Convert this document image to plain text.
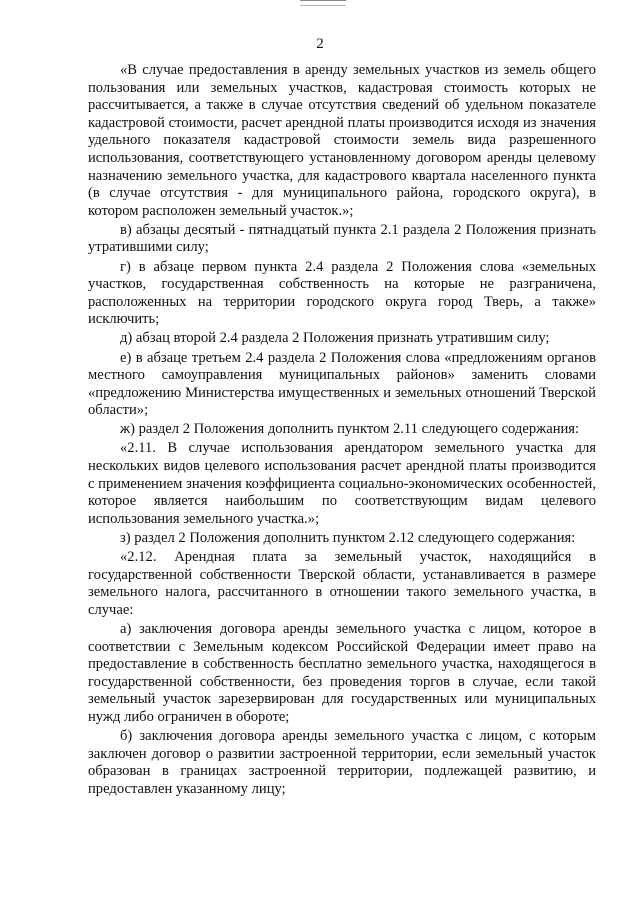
2

«В случае предоставления в аренду земельных участков из земель общего пользования или земельных участков, кадастровая стоимость которых не рассчитывается, а также в случае отсутствия сведений об удельном показателе кадастровой стоимости, расчет арендной платы производится исходя из значения удельного показателя кадастровой стоимости земель вида разрешенного использования, соответствующего установленному договором аренды целевому назначению земельного участка, для кадастрового квартала населенного пункта (в случае отсутствия - для муниципального района, городского округа), в котором расположен земельный участок.»;

в) абзацы десятый - пятнадцатый пункта 2.1 раздела 2 Положения признать утратившими силу;

г) в абзаце первом пункта 2.4 раздела 2 Положения слова «земельных участков, государственная собственность на которые не разграничена, расположенных на территории городского округа город Тверь, а также» исключить;

д) абзац второй 2.4 раздела 2 Положения признать утратившим силу;

е) в абзаце третьем 2.4 раздела 2 Положения слова «предложениям органов местного самоуправления муниципальных районов» заменить словами «предложению Министерства имущественных и земельных отношений Тверской области»;

ж) раздел 2 Положения дополнить пунктом 2.11 следующего содержания:

«2.11. В случае использования арендатором земельного участка для нескольких видов целевого использования расчет арендной платы производится с применением значения коэффициента социально-экономических особенностей, которое является наибольшим по соответствующим видам целевого использования земельного участка.»;

з) раздел 2 Положения дополнить пунктом 2.12 следующего содержания:

«2.12. Арендная плата за земельный участок, находящийся в государственной собственности Тверской области, устанавливается в размере земельного налога, рассчитанного в отношении такого земельного участка, в случае:

а) заключения договора аренды земельного участка с лицом, которое в соответствии с Земельным кодексом Российской Федерации имеет право на предоставление в собственность бесплатно земельного участка, находящегося в государственной собственности, без проведения торгов в случае, если такой земельный участок зарезервирован для государственных или муниципальных нужд либо ограничен в обороте;

б) заключения договора аренды земельного участка с лицом, с которым заключен договор о развитии застроенной территории, если земельный участок образован в границах застроенной территории, подлежащей развитию, и предоставлен указанному лицу;
